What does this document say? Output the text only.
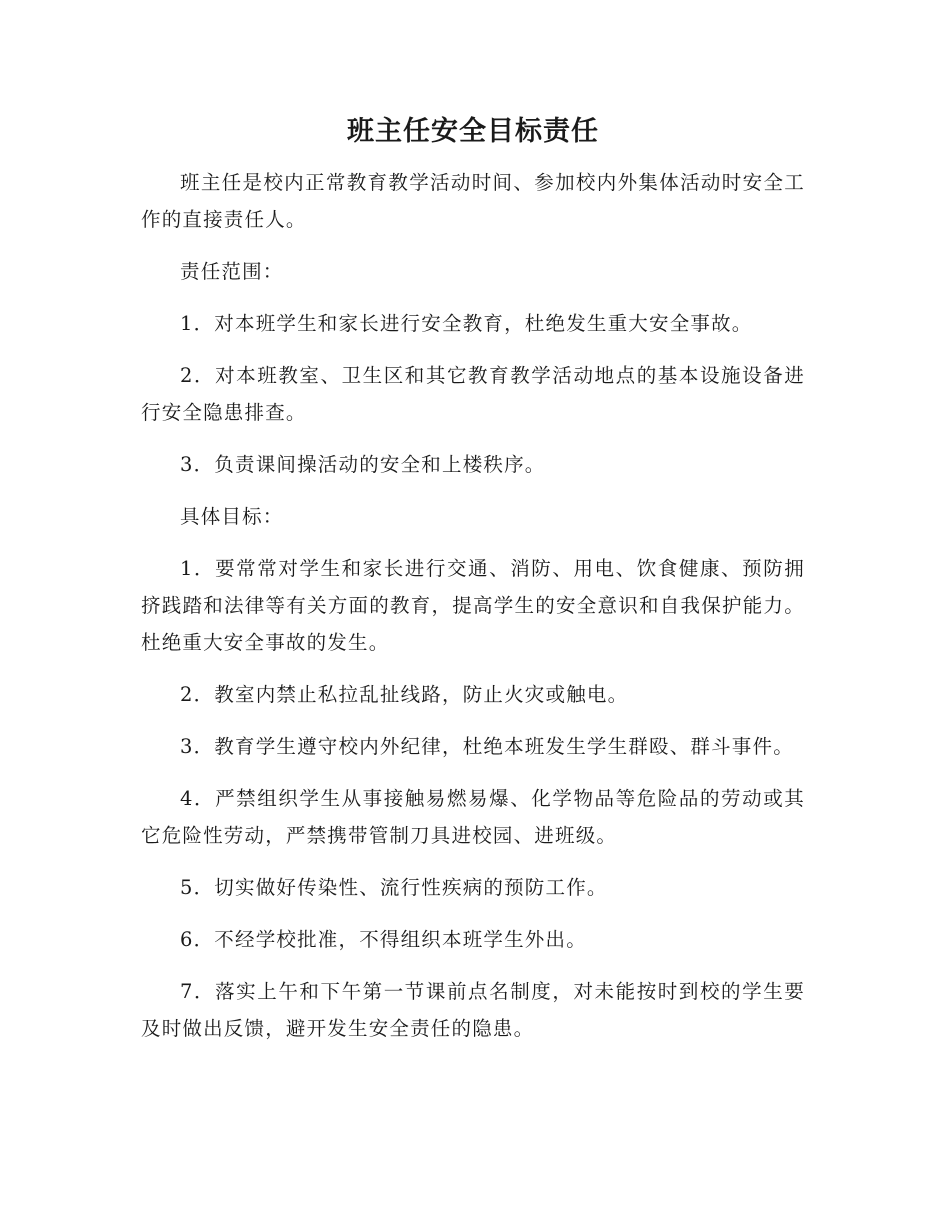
班主任安全目标责任

班主任是校内正常教育教学活动时间、参加校内外集体活动时安全工作的直接责任人。

责任范围：

1．对本班学生和家长进行安全教育，杜绝发生重大安全事故。

2．对本班教室、卫生区和其它教育教学活动地点的基本设施设备进行安全隐患排查。

3．负责课间操活动的安全和上楼秩序。

具体目标：

1．要常常对学生和家长进行交通、消防、用电、饮食健康、预防拥挤践踏和法律等有关方面的教育，提高学生的安全意识和自我保护能力。杜绝重大安全事故的发生。

2．教室内禁止私拉乱扯线路，防止火灾或触电。

3．教育学生遵守校内外纪律，杜绝本班发生学生群殴、群斗事件。

4．严禁组织学生从事接触易燃易爆、化学物品等危险品的劳动或其它危险性劳动，严禁携带管制刀具进校园、进班级。

5．切实做好传染性、流行性疾病的预防工作。

6．不经学校批准，不得组织本班学生外出。

7．落实上午和下午第一节课前点名制度，对未能按时到校的学生要及时做出反馈，避开发生安全责任的隐患。
